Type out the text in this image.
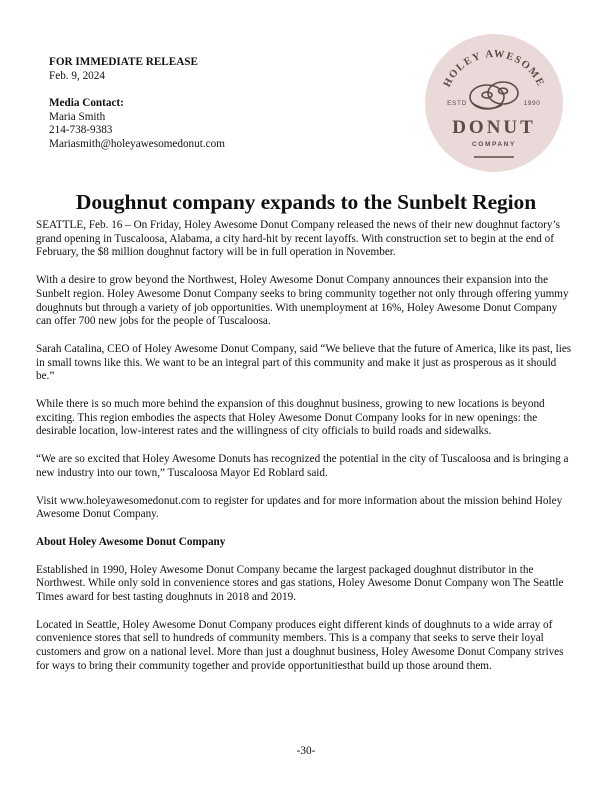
FOR IMMEDIATE RELEASE
Feb. 9, 2024
Media Contact:
Maria Smith
214-738-9383
Mariasmith@holeyawesomedonut.com
HOLEY AWESOME
ESTD	1990
DONUT
COMPANY
Doughnut company expands to the Sunbelt Region

SEATTLE, Feb. 16 – On Friday, Holey Awesome Donut Company released the news of their new doughnut factory’s grand opening in Tuscaloosa, Alabama, a city hard-hit by recent layoffs. With construction set to begin at the end of February, the $8 million doughnut factory will be in full operation in November.

With a desire to grow beyond the Northwest, Holey Awesome Donut Company announces their expansion into the Sunbelt region. Holey Awesome Donut Company seeks to bring community together not only through offering yummy doughnuts but through a variety of job opportunities. With unemployment at 16%, Holey Awesome Donut Company can offer 700 new jobs for the people of Tuscaloosa.

Sarah Catalina, CEO of Holey Awesome Donut Company, said “We believe that the future of America, like its past, lies in small towns like this. We want to be an integral part of this community and make it just as prosperous as it should be.”

While there is so much more behind the expansion of this doughnut business, growing to new locations is beyond exciting. This region embodies the aspects that Holey Awesome Donut Company looks for in new openings: the desirable location, low-interest rates and the willingness of city officials to build roads and sidewalks.

“We are so excited that Holey Awesome Donuts has recognized the potential in the city of Tuscaloosa and is bringing a new industry into our town,” Tuscaloosa Mayor Ed Roblard said.

Visit www.holeyawesomedonut.com to register for updates and for more information about the mission behind Holey Awesome Donut Company.

About Holey Awesome Donut Company

Established in 1990, Holey Awesome Donut Company became the largest packaged doughnut distributor in the Northwest. While only sold in convenience stores and gas stations, Holey Awesome Donut Company won The Seattle Times award for best tasting doughnuts in 2018 and 2019.

Located in Seattle, Holey Awesome Donut Company produces eight different kinds of doughnuts to a wide array of convenience stores that sell to hundreds of community members. This is a company that seeks to serve their loyal customers and grow on a national level. More than just a doughnut business, Holey Awesome Donut Company strives for ways to bring their community together and provide opportunitiesthat build up those around them.

-30-
